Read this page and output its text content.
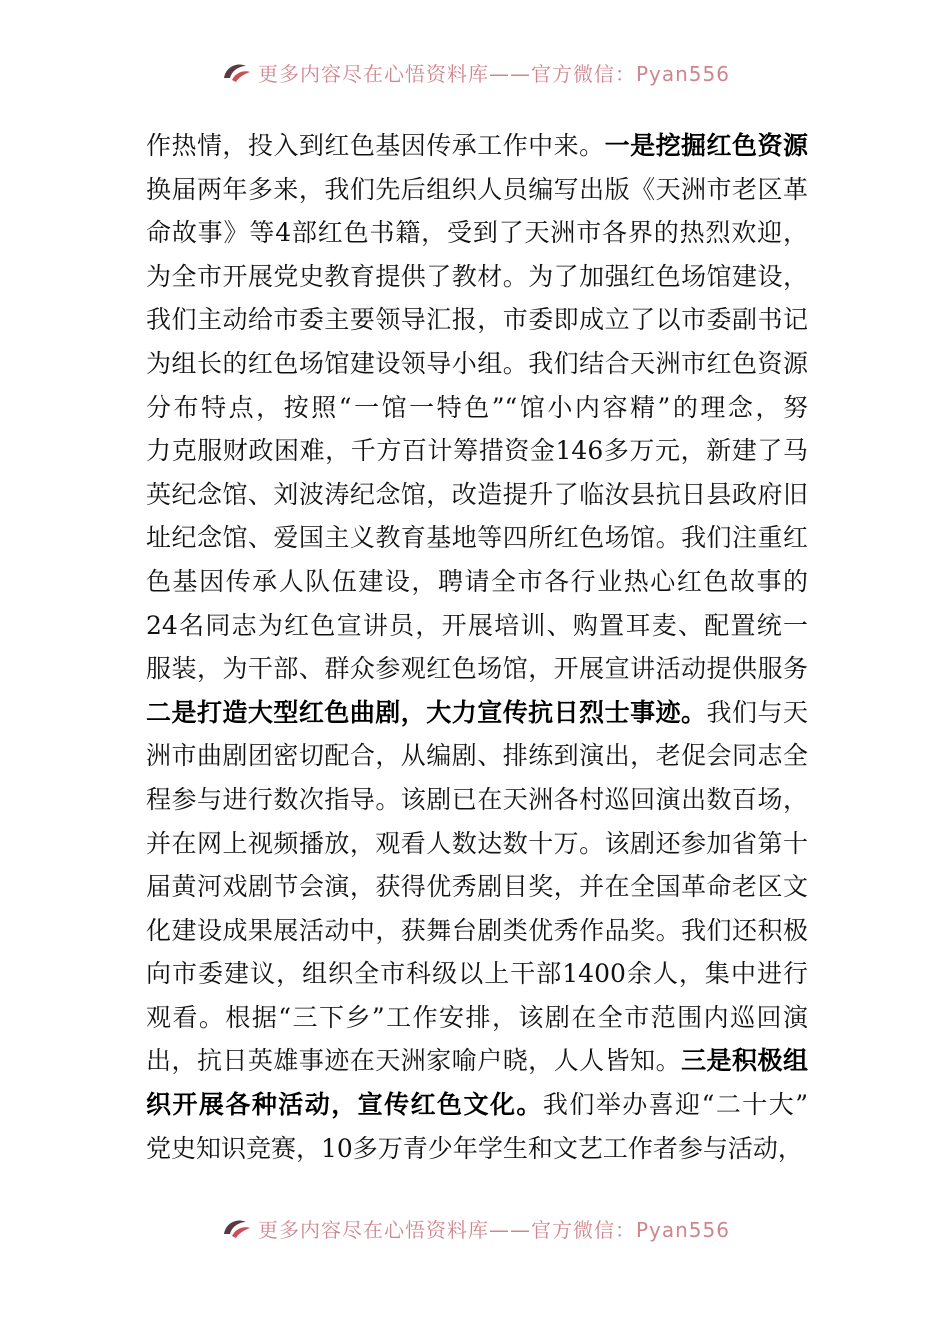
更多内容尽在心悟资料库——官方微信：Pyan556
作热情，投入到红色基因传承工作中来。一是挖掘红色资源
换届两年多来，我们先后组织人员编写出版《天洲市老区革
命故事》等4部红色书籍，受到了天洲市各界的热烈欢迎，
为全市开展党史教育提供了教材。为了加强红色场馆建设，
我们主动给市委主要领导汇报，市委即成立了以市委副书记
为组长的红色场馆建设领导小组。我们结合天洲市红色资源
分布特点，按照“一馆一特色”“馆小内容精”的理念，努
力克服财政困难，千方百计筹措资金146多万元，新建了马
英纪念馆、刘波涛纪念馆，改造提升了临汝县抗日县政府旧
址纪念馆、爱国主义教育基地等四所红色场馆。我们注重红
色基因传承人队伍建设，聘请全市各行业热心红色故事的
24名同志为红色宣讲员，开展培训、购置耳麦、配置统一
服装，为干部、群众参观红色场馆，开展宣讲活动提供服务
二是打造大型红色曲剧，大力宣传抗日烈士事迹。我们与天
洲市曲剧团密切配合，从编剧、排练到演出，老促会同志全
程参与进行数次指导。该剧已在天洲各村巡回演出数百场，
并在网上视频播放，观看人数达数十万。该剧还参加省第十
届黄河戏剧节会演，获得优秀剧目奖，并在全国革命老区文
化建设成果展活动中，获舞台剧类优秀作品奖。我们还积极
向市委建议，组织全市科级以上干部1400余人，集中进行
观看。根据“三下乡”工作安排，该剧在全市范围内巡回演
出，抗日英雄事迹在天洲家喻户晓，人人皆知。三是积极组
织开展各种活动，宣传红色文化。我们举办喜迎“二十大”
党史知识竞赛，10多万青少年学生和文艺工作者参与活动，
更多内容尽在心悟资料库——官方微信：Pyan556
